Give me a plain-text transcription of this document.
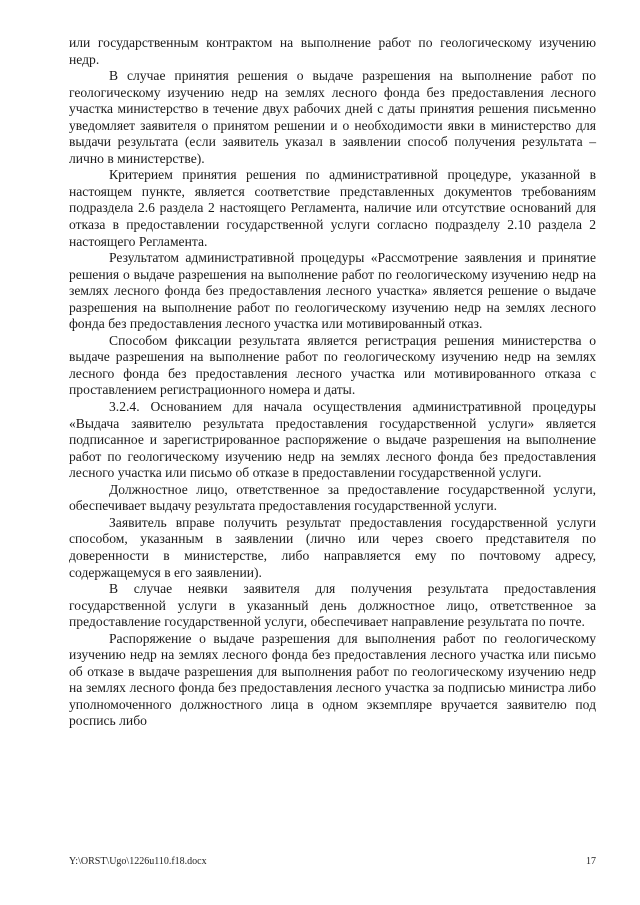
или государственным контрактом на выполнение работ по геологическому изучению недр.

В случае принятия решения о выдаче разрешения на выполнение работ по геологическому изучению недр на землях лесного фонда без предоставления лесного участка министерство в течение двух рабочих дней с даты принятия решения письменно уведомляет заявителя о принятом решении и о необходимости явки в министерство для выдачи результата (если заявитель указал в заявлении способ получения результата – лично в министерстве).

Критерием принятия решения по административной процедуре, указанной в настоящем пункте, является соответствие представленных документов требованиям подраздела 2.6 раздела 2 настоящего Регламента, наличие или отсутствие оснований для отказа в предоставлении государственной услуги согласно подразделу 2.10 раздела 2 настоящего Регламента.

Результатом административной процедуры «Рассмотрение заявления и принятие решения о выдаче разрешения на выполнение работ по геологическому изучению недр на землях лесного фонда без предоставления лесного участка» является решение о выдаче разрешения на выполнение работ по геологическому изучению недр на землях лесного фонда без предоставления лесного участка или мотивированный отказ.

Способом фиксации результата является регистрация решения министерства о выдаче разрешения на выполнение работ по геологическому изучению недр на землях лесного фонда без предоставления лесного участка или мотивированного отказа с проставлением регистрационного номера и даты.

3.2.4. Основанием для начала осуществления административной процедуры «Выдача заявителю результата предоставления государственной услуги» является подписанное и зарегистрированное распоряжение о выдаче разрешения на выполнение работ по геологическому изучению недр на землях лесного фонда без предоставления лесного участка или письмо об отказе в предоставлении государственной услуги.

Должностное лицо, ответственное за предоставление государственной услуги, обеспечивает выдачу результата предоставления государственной услуги.

Заявитель вправе получить результат предоставления государственной услуги способом, указанным в заявлении (лично или через своего представителя по доверенности в министерстве, либо направляется ему по почтовому адресу, содержащемуся в его заявлении).

В случае неявки заявителя для получения результата предоставления государственной услуги в указанный день должностное лицо, ответственное за предоставление государственной услуги, обеспечивает направление результата по почте.

Распоряжение о выдаче разрешения для выполнения работ по геологическому изучению недр на землях лесного фонда без предоставления лесного участка или письмо об отказе в выдаче разрешения для выполнения работ по геологическому изучению недр на землях лесного фонда без предоставления лесного участка за подписью министра либо уполномоченного должностного лица в одном экземпляре вручается заявителю под роспись либо

Y:\ORST\Ugo\1226u110.f18.docx	17
